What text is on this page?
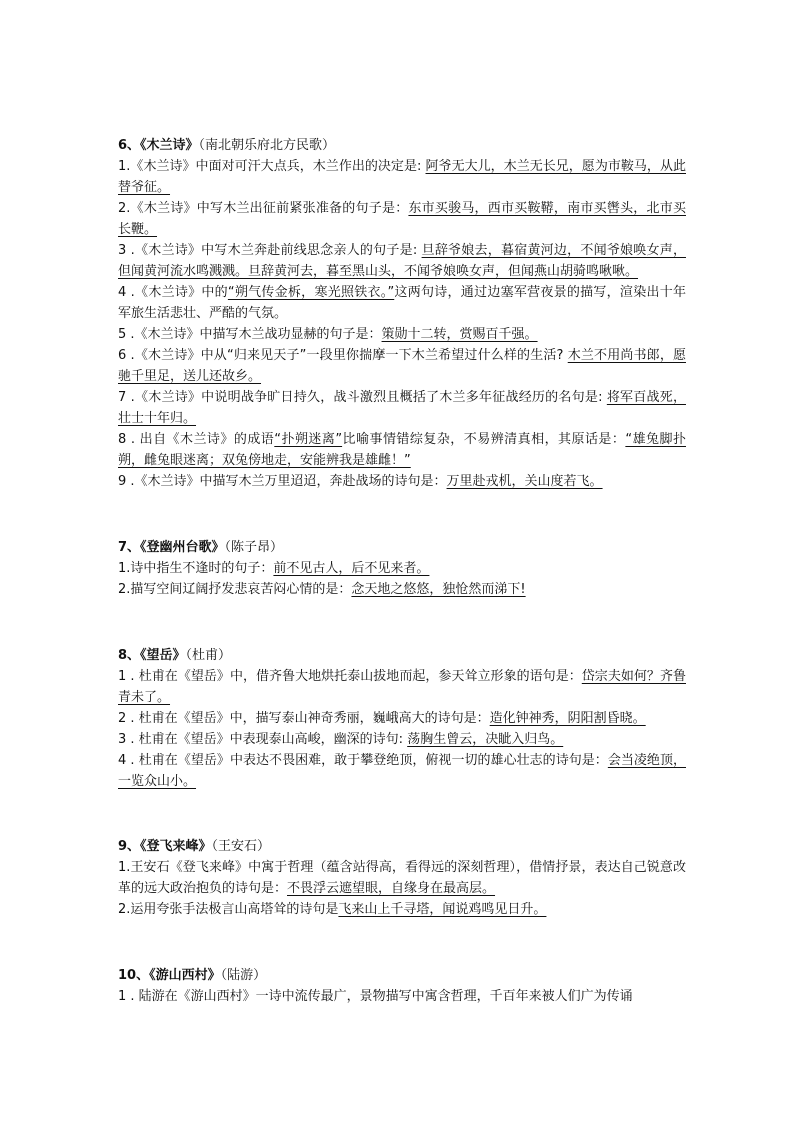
6、《木兰诗》（南北朝乐府北方民歌）

1.《木兰诗》中面对可汗大点兵，木兰作出的决定是: 阿爷无大儿，木兰无长兄，愿为市鞍马，从此替爷征。

2.《木兰诗》中写木兰出征前紧张准备的句子是：东市买骏马，西市买鞍鞯，南市买辔头，北市买长鞭。

3 .《木兰诗》中写木兰奔赴前线思念亲人的句子是: 旦辞爷娘去，暮宿黄河边，不闻爷娘唤女声，但闻黄河流水鸣溅溅。旦辞黄河去，暮至黑山头，不闻爷娘唤女声，但闻燕山胡骑鸣啾啾。

4 .《木兰诗》中的“朔气传金柝，寒光照铁衣。”这两句诗，通过边塞军营夜景的描写，渲染出十年军旅生活悲壮、严酷的气氛。

5 .《木兰诗》中描写木兰战功显赫的句子是：策勋十二转，赏赐百千强。

6 .《木兰诗》中从“归来见天子”一段里你揣摩一下木兰希望过什么样的生活? 木兰不用尚书郎，愿驰千里足，送儿还故乡。

7 .《木兰诗》中说明战争旷日持久，战斗激烈且概括了木兰多年征战经历的名句是: 将军百战死，壮士十年归。

8 . 出自《木兰诗》的成语“扑朔迷离”比喻事情错综复杂，不易辨清真相，其原话是：“雄兔脚扑朔，雌兔眼迷离；双兔傍地走，安能辨我是雄雌！”

9 .《木兰诗》中描写木兰万里迢迢，奔赴战场的诗句是：万里赴戎机，关山度若飞。

7、《登幽州台歌》（陈子昂）

1.诗中指生不逢时的句子：前不见古人，后不见来者。

2.描写空间辽阔抒发悲哀苦闷心情的是：念天地之悠悠，独怆然而涕下!

8、《望岳》（杜甫）

1 . 杜甫在《望岳》中，借齐鲁大地烘托泰山拔地而起，参天耸立形象的语句是：岱宗夫如何？齐鲁青未了。

2 . 杜甫在《望岳》中，描写泰山神奇秀丽，巍峨高大的诗句是：造化钟神秀，阴阳割昏晓。

3 . 杜甫在《望岳》中表现泰山高峻，幽深的诗句: 荡胸生曾云，决眦入归鸟。

4 . 杜甫在《望岳》中表达不畏困难，敢于攀登绝顶，俯视一切的雄心壮志的诗句是：会当凌绝顶，一览众山小。

9、《登飞来峰》（王安石）

1.王安石《登飞来峰》中寓于哲理（蕴含站得高，看得远的深刻哲理），借情抒景，表达自己锐意改革的远大政治抱负的诗句是：不畏浮云遮望眼，自缘身在最高层。

2.运用夸张手法极言山高塔耸的诗句是飞来山上千寻塔，闻说鸡鸣见日升。

10、《游山西村》（陆游）

1 . 陆游在《游山西村》一诗中流传最广，景物描写中寓含哲理，千百年来被人们广为传诵
